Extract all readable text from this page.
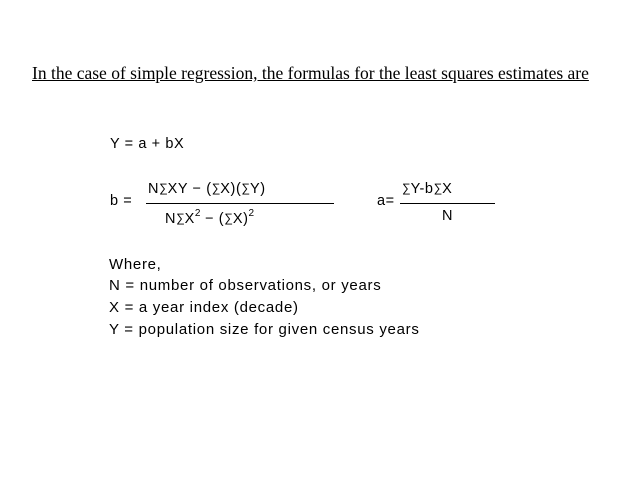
In the case of simple regression, the formulas for the least squares estimates are
Y = a + bX
b =
N∑XY − (∑X)(∑Y)
$N\sum X^2 - (\sum X)^2$
a=
∑Y-b∑X
N
Where,
N = number of observations, or years
X = a year index (decade)
Y = population size for given census years
